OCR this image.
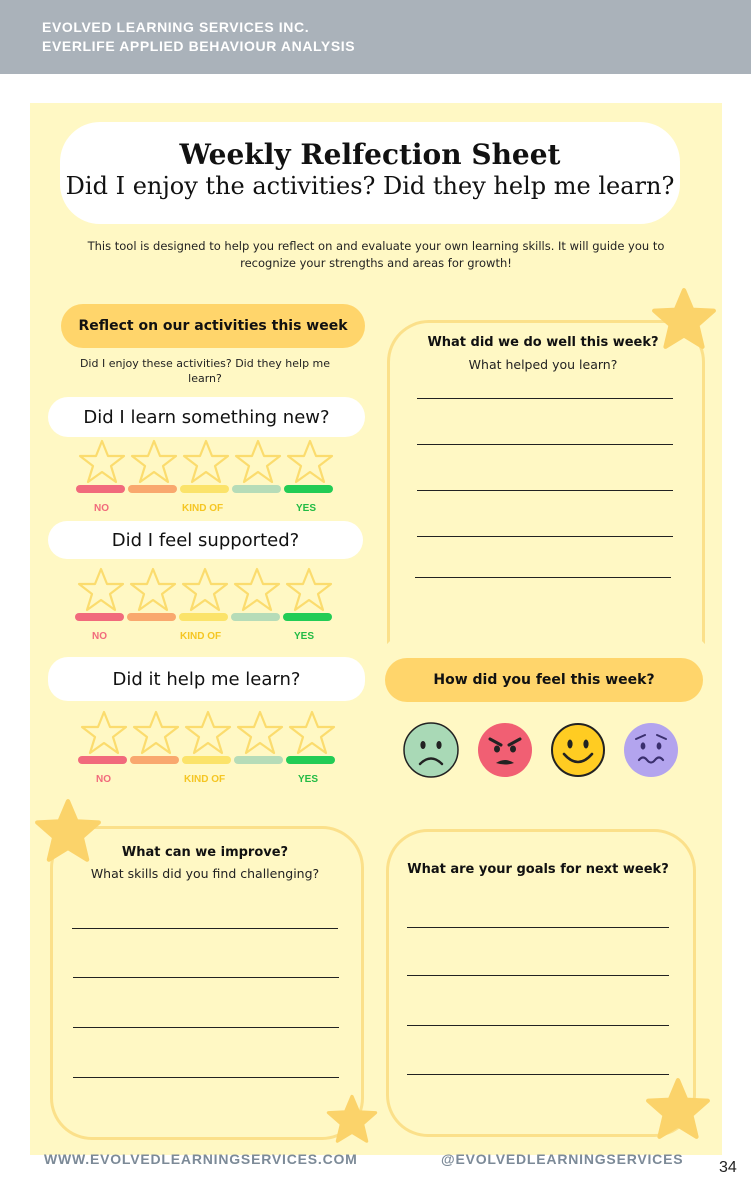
EVOLVED LEARNING SERVICES INC.
EVERLIFE APPLIED BEHAVIOUR ANALYSIS
Weekly Relfection Sheet
Did I enjoy the activities? Did they help me learn?
This tool is designed to help you reflect on and evaluate your own learning skills. It will guide you to recognize your strengths and areas for growth!
Reflect on our activities this week
Did I enjoy these activities? Did they help me learn?
Did I learn something new?
NO	KIND OF	YES
Did I feel supported?
NO	KIND OF	YES
Did it help me learn?
NO	KIND OF	YES
What did we do well this week?
What helped you learn?
How did you feel this week?
What can we improve?
What skills did you find challenging?	What are your goals for next week?
WWW.EVOLVEDLEARNINGSERVICES.COM	@EVOLVEDLEARNINGSERVICES 34
